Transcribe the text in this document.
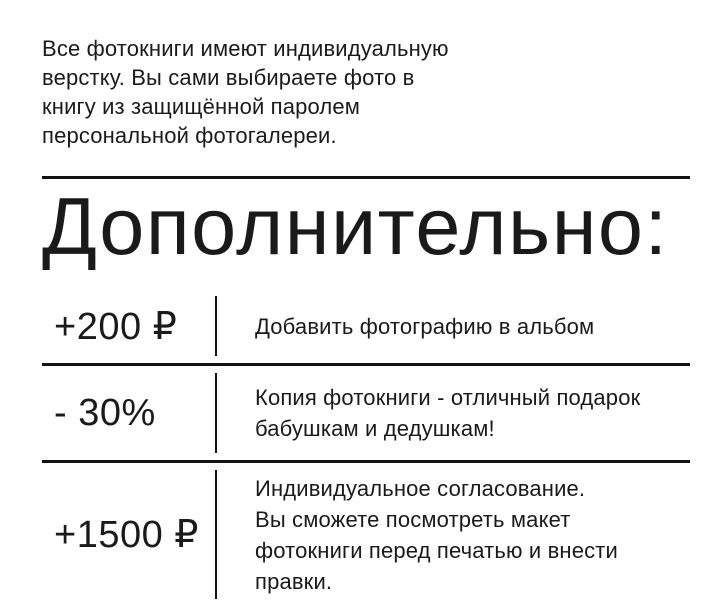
Все фотокниги имеют индивидуальную
верстку. Вы сами выбираете фото в
книгу из защищённой паролем
персональной фотогалереи.

Дополнительно:
+200 ₽	Добавить фотографию в альбом
- 30%	Копия фотокниги - отличный подарок
бабушкам и дедушкам!
+1500 ₽
Индивидуальное согласование.
Вы сможете посмотреть макет
фотокниги перед печатью и внести
правки.
